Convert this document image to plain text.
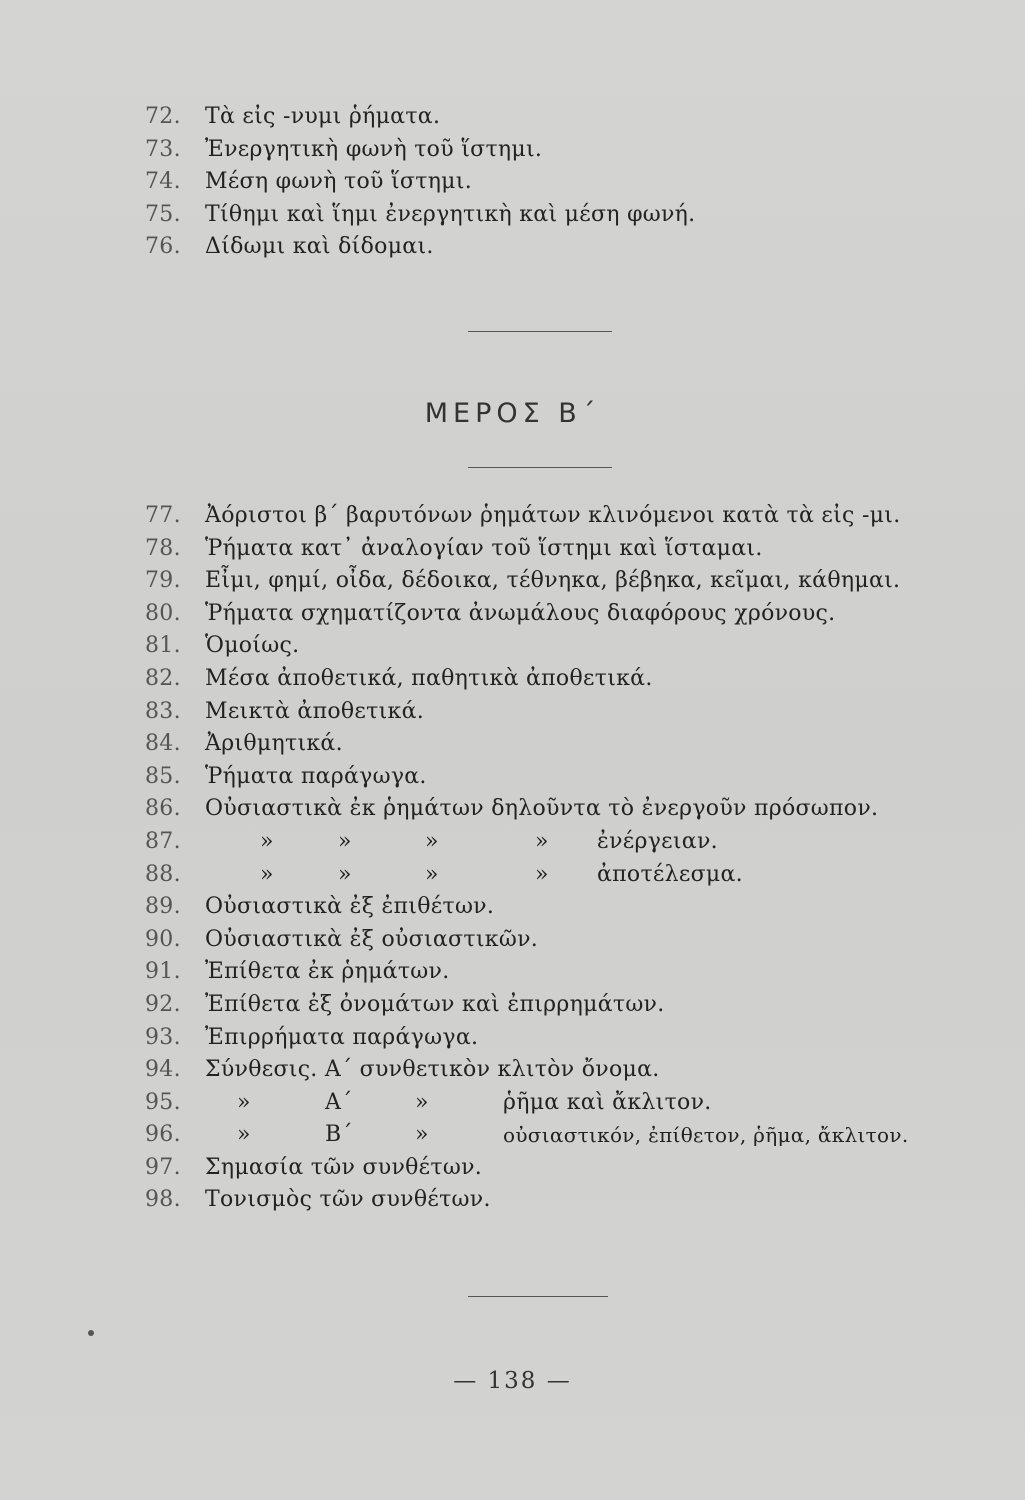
72. Τὰ εἰς -νυμι ῥήματα.
73. Ἐνεργητικὴ φωνὴ τοῦ ἵστημι.
74. Μέση φωνὴ τοῦ ἵστημι.
75. Τίθημι καὶ ἵημι ἐνεργητικὴ καὶ μέση φωνή.
76. Δίδωμι καὶ δίδομαι.
ΜΕΡΟΣ Β΄
77. Ἀόριστοι β΄ βαρυτόνων ῥημάτων κλινόμενοι κατὰ τὰ εἰς -μι.
78. Ῥήματα κατ᾽ ἀναλογίαν τοῦ ἵστημι καὶ ἵσταμαι.
79. Εἶμι, φημί, οἶδα, δέδοικα, τέθνηκα, βέβηκα, κεῖμαι, κάθημαι.
80. Ῥήματα σχηματίζοντα ἀνωμάλους διαφόρους χρόνους.
81. Ὁμοίως.
82. Μέσα ἀποθετικά, παθητικὰ ἀποθετικά.
83. Μεικτὰ ἀποθετικά.
84. Ἀριθμητικά.
85. Ῥήματα παράγωγα.
86. Οὐσιαστικὰ ἐκ ῥημάτων δηλοῦντα τὸ ἐνεργοῦν πρόσωπον.
87.	»	»	»	» ἐνέργειαν.
88.	»	»	»	» ἀποτέλεσμα.
89. Οὐσιαστικὰ ἐξ ἐπιθέτων.
90. Οὐσιαστικὰ ἐξ οὐσιαστικῶν.
91. Ἐπίθετα ἐκ ῥημάτων.
92. Ἐπίθετα ἐξ ὀνομάτων καὶ ἐπιρρημάτων.
93. Ἐπιρρήματα παράγωγα.
94. Σύνθεσις. Α΄ συνθετικὸν κλιτὸν ὄνομα.
95.	»	Α΄	»	ῥῆμα καὶ ἄκλιτον.
96.	»	Β΄	»	οὐσιαστικόν, ἐπίθετον, ῥῆμα, ἄκλιτον.
97. Σημασία τῶν συνθέτων.
98. Τονισμὸς τῶν συνθέτων.
— 138 —
